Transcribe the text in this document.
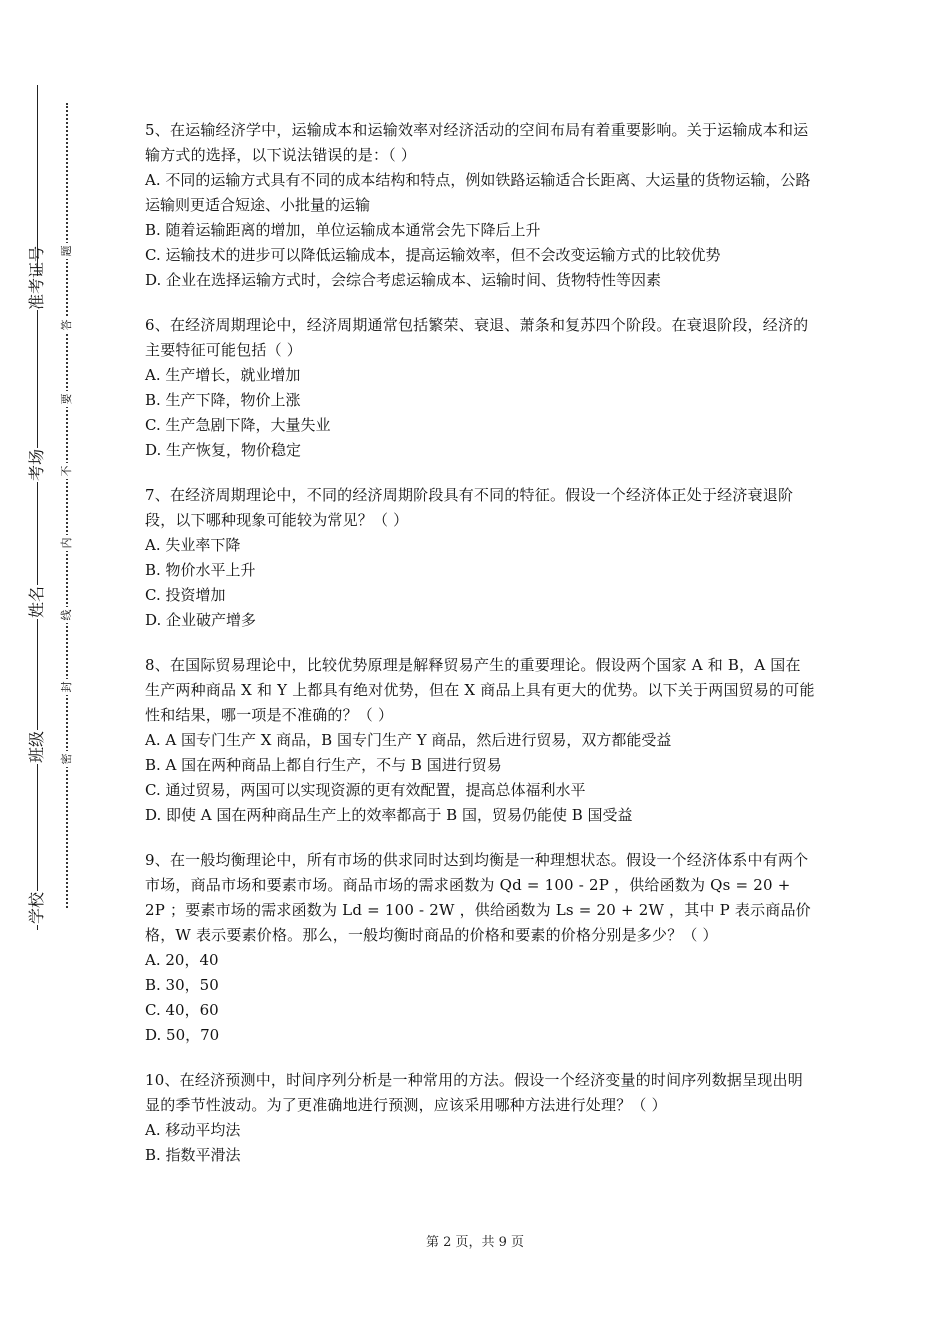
准考证号
考场
姓名
班级
学校
题
答
要
不
内
线
封
密

5、在运输经济学中，运输成本和运输效率对经济活动的空间布局有着重要影响。关于运输成本和运输方式的选择，以下说法错误的是：（ ）

A. 不同的运输方式具有不同的成本结构和特点，例如铁路运输适合长距离、大运量的货物运输，公路运输则更适合短途、小批量的运输

B. 随着运输距离的增加，单位运输成本通常会先下降后上升

C. 运输技术的进步可以降低运输成本，提高运输效率，但不会改变运输方式的比较优势

D. 企业在选择运输方式时，会综合考虑运输成本、运输时间、货物特性等因素

6、在经济周期理论中，经济周期通常包括繁荣、衰退、萧条和复苏四个阶段。在衰退阶段，经济的主要特征可能包括（ ）

A. 生产增长，就业增加

B. 生产下降，物价上涨

C. 生产急剧下降，大量失业

D. 生产恢复，物价稳定

7、在经济周期理论中，不同的经济周期阶段具有不同的特征。假设一个经济体正处于经济衰退阶段，以下哪种现象可能较为常见？（ ）

A. 失业率下降

B. 物价水平上升

C. 投资增加

D. 企业破产增多

8、在国际贸易理论中，比较优势原理是解释贸易产生的重要理论。假设两个国家 A 和 B，A 国在生产两种商品 X 和 Y 上都具有绝对优势，但在 X 商品上具有更大的优势。以下关于两国贸易的可能性和结果，哪一项是不准确的？（ ）

A. A 国专门生产 X 商品，B 国专门生产 Y 商品，然后进行贸易，双方都能受益

B. A 国在两种商品上都自行生产，不与 B 国进行贸易

C. 通过贸易，两国可以实现资源的更有效配置，提高总体福利水平

D. 即使 A 国在两种商品生产上的效率都高于 B 国，贸易仍能使 B 国受益

9、在一般均衡理论中，所有市场的供求同时达到均衡是一种理想状态。假设一个经济体系中有两个市场，商品市场和要素市场。商品市场的需求函数为 Qd = 100 - 2P ，供给函数为 Qs = 20 + 2P ；要素市场的需求函数为 Ld = 100 - 2W ，供给函数为 Ls = 20 + 2W ，其中 P 表示商品价格，W 表示要素价格。那么，一般均衡时商品的价格和要素的价格分别是多少？（ ）

A. 20，40

B. 30，50

C. 40，60

D. 50，70

10、在经济预测中，时间序列分析是一种常用的方法。假设一个经济变量的时间序列数据呈现出明显的季节性波动。为了更准确地进行预测，应该采用哪种方法进行处理？（ ）

A. 移动平均法

B. 指数平滑法

第 2 页，共 9 页
